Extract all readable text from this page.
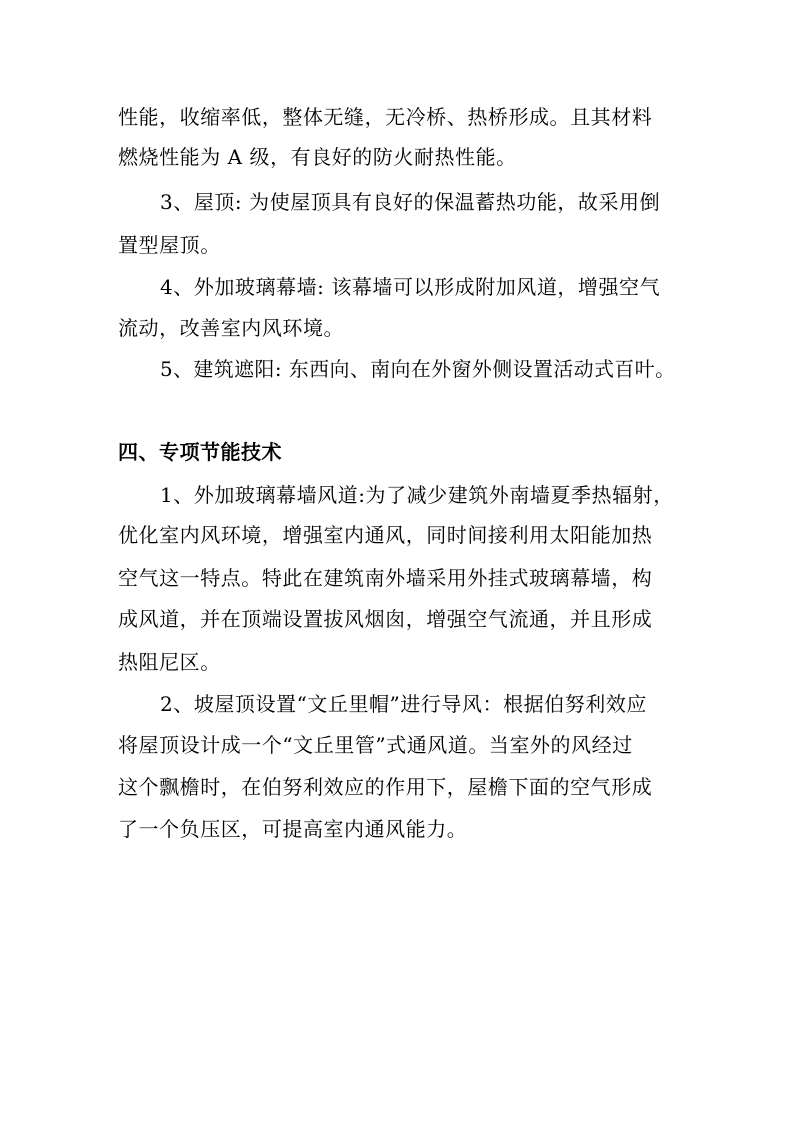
性能，收缩率低，整体无缝，无冷桥、热桥形成。且其材料
燃烧性能为 A 级，有良好的防火耐热性能。
3、屋顶: 为使屋顶具有良好的保温蓄热功能，故采用倒
置型屋顶。
4、外加玻璃幕墙: 该幕墙可以形成附加风道，增强空气
流动，改善室内风环境。
5、建筑遮阳: 东西向、南向在外窗外侧设置活动式百叶。
四、专项节能技术
1、外加玻璃幕墙风道:为了减少建筑外南墙夏季热辐射，
优化室内风环境，增强室内通风，同时间接利用太阳能加热
空气这一特点。特此在建筑南外墙采用外挂式玻璃幕墙，构
成风道，并在顶端设置拔风烟囱，增强空气流通，并且形成
热阻尼区。
2、坡屋顶设置“文丘里帽”进行导风：根据伯努利效应
将屋顶设计成一个“文丘里管”式通风道。当室外的风经过
这个飘檐时，在伯努利效应的作用下，屋檐下面的空气形成
了一个负压区，可提高室内通风能力。
